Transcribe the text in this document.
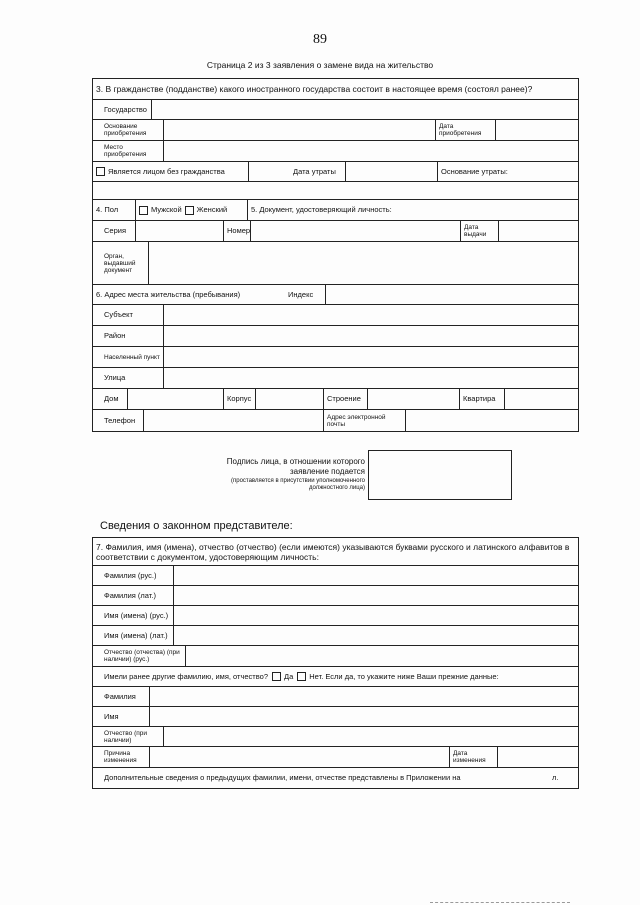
89
Страница 2 из 3 заявления о замене вида на жительство
3. В гражданстве (подданстве) какого иностранного государства состоит в настоящее время (состоял ранее)?
Государство
Основание приобретения
Дата приобретения
Место приобретения
Является лицом без гражданства	Дата утраты	Основание утраты:
4. Пол	Мужской Женский	5. Документ, удостоверяющий личность:
Серия	Номер	Дата выдачи
Орган, выдавший документ
6. Адрес места жительства (пребывания)	Индекс
Субъект
Район
Населенный пункт
Улица
Дом	Корпус	Строение	Квартира
Телефон	Адрес электронной почты
Подпись лица, в отношении которого заявление подается
(проставляется в присутствии уполномоченного должностного лица)
Сведения о законном представителе:
7. Фамилия, имя (имена), отчество (отчество) (если имеются) указываются буквами русского и латинского алфавитов в соответствии с документом, удостоверяющим личность:
Фамилия (рус.)
Фамилия (лат.)
Имя (имена) (рус.)
Имя (имена) (лат.)
Отчество (отчества) (при наличии) (рус.)
Имели ранее другие фамилию, имя, отчество? Да Нет. Если да, то укажите ниже Ваши прежние данные:
Фамилия
Имя
Отчество (при наличии)
Причина изменения
Дата изменения
Дополнительные сведения о предыдущих фамилии, имени, отчестве представлены в Приложении на	л.
